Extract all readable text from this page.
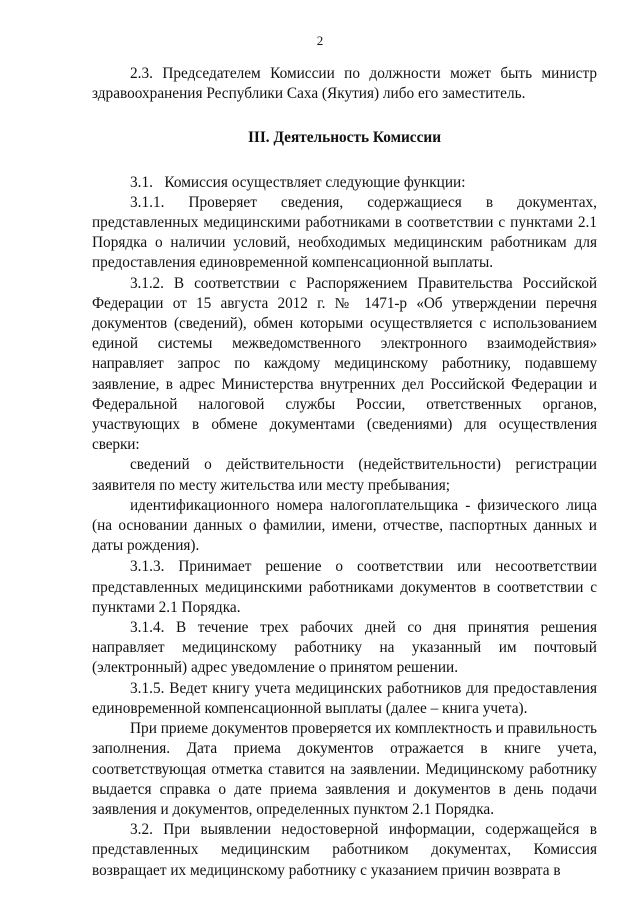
2

2.3. Председателем Комиссии по должности может быть министр здравоохранения Республики Саха (Якутия) либо его заместитель.

III. Деятельность Комиссии

3.1.   Комиссия осуществляет следующие функции:

3.1.1. Проверяет сведения, содержащиеся в документах, представленных медицинскими работниками в соответствии с пунктами 2.1 Порядка о наличии условий, необходимых медицинским работникам для предоставления единовременной компенсационной выплаты.

3.1.2. В соответствии с Распоряжением Правительства Российской Федерации от 15 августа 2012 г. № 1471-р «Об утверждении перечня документов (сведений), обмен которыми осуществляется с использованием единой системы межведомственного электронного взаимодействия» направляет запрос по каждому медицинскому работнику, подавшему заявление, в адрес Министерства внутренних дел Российской Федерации и Федеральной налоговой службы России, ответственных органов, участвующих в обмене документами (сведениями) для осуществления сверки:

сведений о действительности (недействительности) регистрации заявителя по месту жительства или месту пребывания;

идентификационного номера налогоплательщика - физического лица (на основании данных о фамилии, имени, отчестве, паспортных данных и даты рождения).

3.1.3. Принимает решение о соответствии или несоответствии представленных медицинскими работниками документов в соответствии с пунктами 2.1 Порядка.

3.1.4. В течение трех рабочих дней со дня принятия решения направляет медицинскому работнику на указанный им почтовый (электронный) адрес уведомление о принятом решении.

3.1.5. Ведет книгу учета медицинских работников для предоставления единовременной компенсационной выплаты (далее – книга учета).

При приеме документов проверяется их комплектность и правильность заполнения. Дата приема документов отражается в книге учета, соответствующая отметка ставится на заявлении. Медицинскому работнику выдается справка о дате приема заявления и документов в день подачи заявления и документов, определенных пунктом 2.1 Порядка.

3.2. При выявлении недостоверной информации, содержащейся в представленных медицинским работником документах, Комиссия возвращает их медицинскому работнику с указанием причин возврата в
